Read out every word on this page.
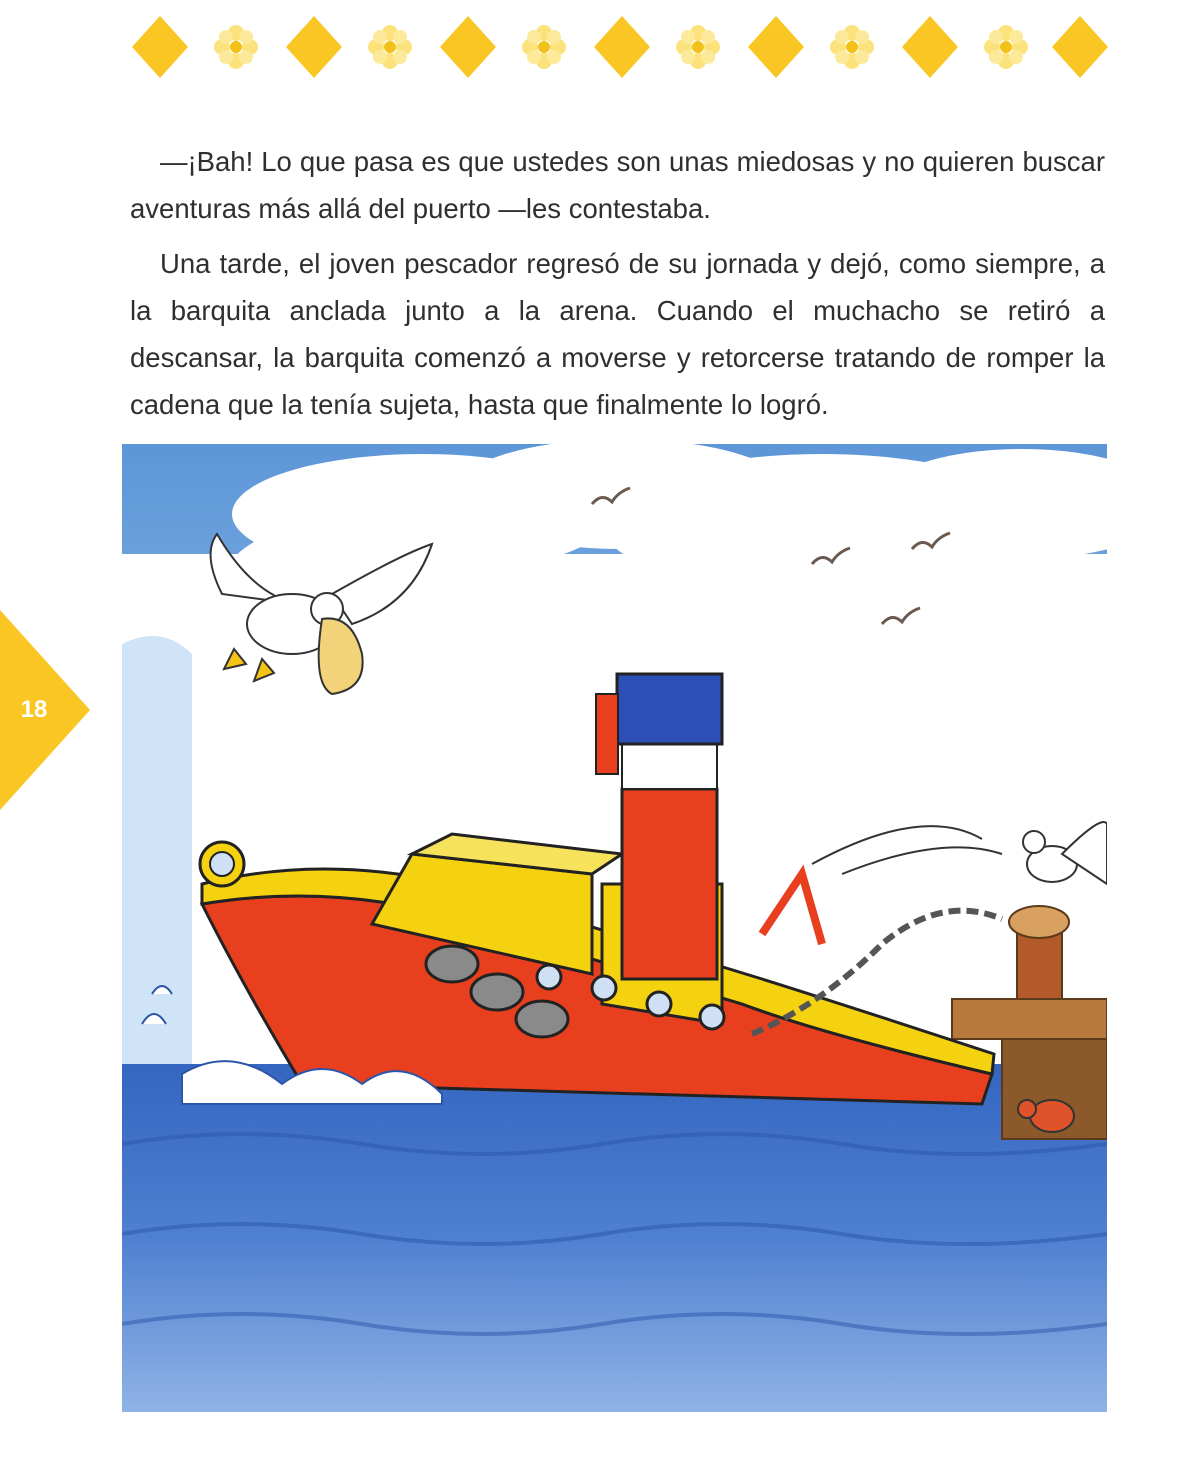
—¡Bah! Lo que pasa es que ustedes son unas miedosas y no quieren buscar aventuras más allá del puerto —les contestaba.

Una tarde, el joven pescador regresó de su jornada y dejó, como siempre, a la barquita anclada junto a la arena. Cuando el muchacho se retiró a descansar, la barquita comenzó a moverse y retorcerse tratando de romper la cadena que la tenía sujeta, hasta que finalmente lo logró.

18
